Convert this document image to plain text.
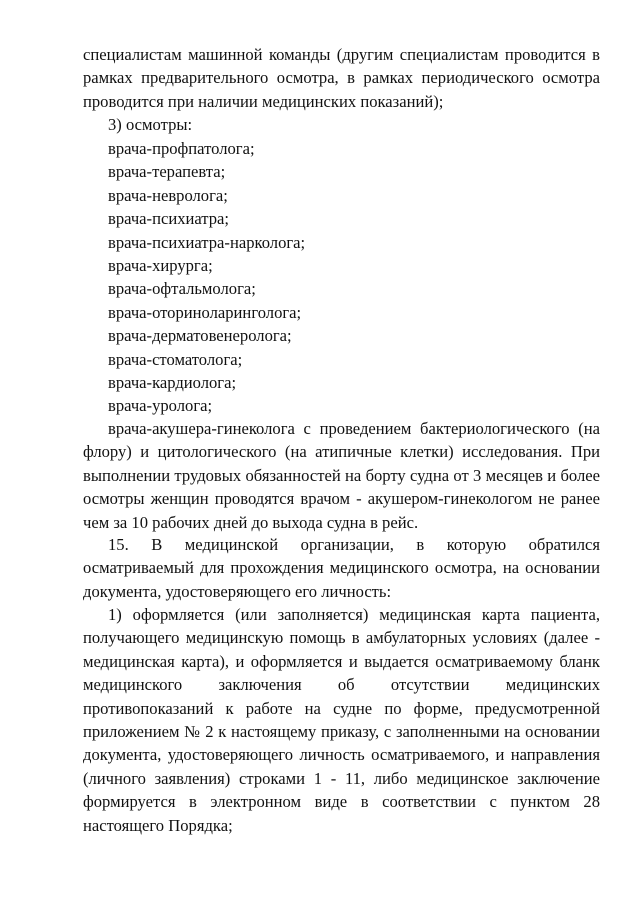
специалистам машинной команды (другим специалистам проводится в рамках предварительного осмотра, в рамках периодического осмотра проводится при наличии медицинских показаний);

3) осмотры:

врача-профпатолога;
врача-терапевта;
врача-невролога;
врача-психиатра;
врача-психиатра-нарколога;
врача-хирурга;
врача-офтальмолога;
врача-оториноларинголога;
врача-дерматовенеролога;
врача-стоматолога;
врача-кардиолога;
врача-уролога;

врача-акушера-гинеколога с проведением бактериологического (на флору) и цитологического (на атипичные клетки) исследования. При выполнении трудовых обязанностей на борту судна от 3 месяцев и более осмотры женщин проводятся врачом - акушером-гинекологом не ранее чем за 10 рабочих дней до выхода судна в рейс.

15. В медицинской организации, в которую обратился осматриваемый для прохождения медицинского осмотра, на основании документа, удостоверяющего его личность:

1) оформляется (или заполняется) медицинская карта пациента, получающего медицинскую помощь в амбулаторных условиях (далее - медицинская карта), и оформляется и выдается осматриваемому бланк медицинского заключения об отсутствии медицинских противопоказаний к работе на судне по форме, предусмотренной приложением № 2 к настоящему приказу, с заполненными на основании документа, удостоверяющего личность осматриваемого, и направления (личного заявления) строками 1 - 11, либо медицинское заключение формируется в электронном виде в соответствии с пунктом 28 настоящего Порядка;
